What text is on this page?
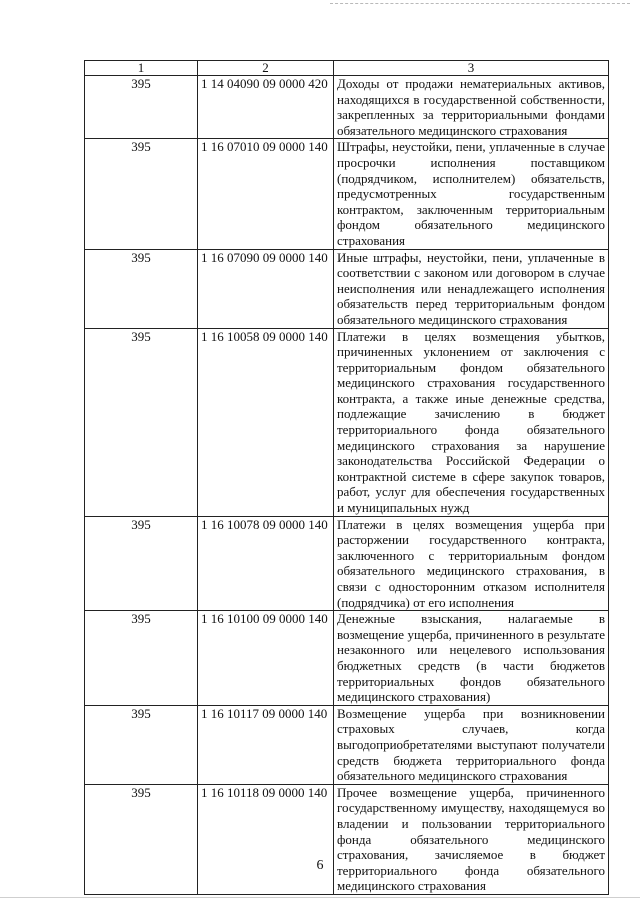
1	2	3
395	1 14 04090 09 0000 420	Доходы от продажи нематериальных активов, находящихся в государственной собственности, закрепленных за территориальными фондами обязательного медицинского страхования
395	1 16 07010 09 0000 140	Штрафы, неустойки, пени, уплаченные в случае просрочки исполнения поставщиком (подрядчиком, исполнителем) обязательств, предусмотренных государственным контрактом, заключенным территориальным фондом обязательного медицинского страхования
395	1 16 07090 09 0000 140	Иные штрафы, неустойки, пени, уплаченные в соответствии с законом или договором в случае неисполнения или ненадлежащего исполнения обязательств перед территориальным фондом обязательного медицинского страхования
395	1 16 10058 09 0000 140	Платежи в целях возмещения убытков, причиненных уклонением от заключения с территориальным фондом обязательного медицинского страхования государственного контракта, а также иные денежные средства, подлежащие зачислению в бюджет территориального фонда обязательного медицинского страхования за нарушение законодательства Российской Федерации о контрактной системе в сфере закупок товаров, работ, услуг для обеспечения государственных и муниципальных нужд
395	1 16 10078 09 0000 140	Платежи в целях возмещения ущерба при расторжении государственного контракта, заключенного с территориальным фондом обязательного медицинского страхования, в связи с односторонним отказом исполнителя (подрядчика) от его исполнения
395	1 16 10100 09 0000 140	Денежные взыскания, налагаемые в возмещение ущерба, причиненного в результате незаконного или нецелевого использования бюджетных средств (в части бюджетов территориальных фондов обязательного медицинского страхования)
395	1 16 10117 09 0000 140	Возмещение ущерба при возникновении страховых случаев, когда выгодоприобретателями выступают получатели средств бюджета территориального фонда обязательного медицинского страхования
395	1 16 10118 09 0000 140	Прочее возмещение ущерба, причиненного государственному имуществу, находящемуся во владении и пользовании территориального фонда обязательного медицинского страхования, зачисляемое в бюджет территориального фонда обязательного медицинского страхования
6
